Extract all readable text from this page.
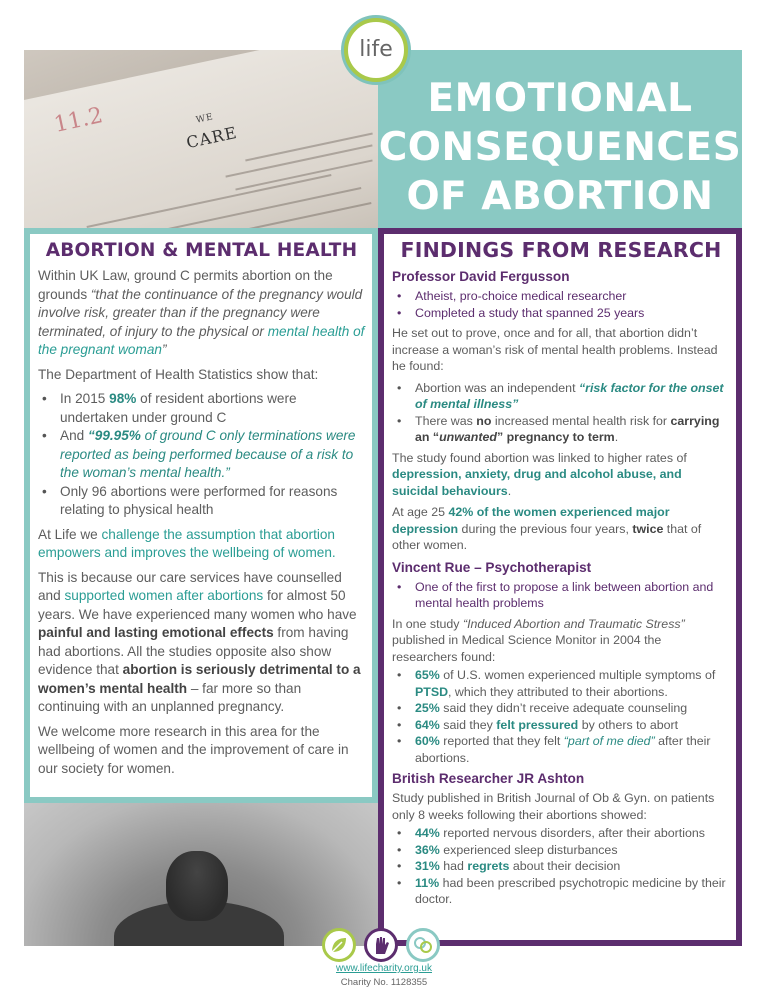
11.2	WE
CARE
EMOTIONAL
CONSEQUENCES
OF ABORTION
life
ABORTION & MENTAL HEALTH

Within UK Law, ground C permits abortion on the grounds “that the continuance of the pregnancy would involve risk, greater than if the pregnancy were terminated, of injury to the physical or mental health of the pregnant woman”

The Department of Health Statistics show that:

• In 2015 98% of resident abortions were undertaken under ground C
• And “99.95% of ground C only terminations were reported as being performed because of a risk to the woman’s mental health.”
• Only 96 abortions were performed for reasons relating to physical health

At Life we challenge the assumption that abortion empowers and improves the wellbeing of women.

This is because our care services have counselled and supported women after abortions for almost 50 years. We have experienced many women who have painful and lasting emotional effects from having had abortions. All the studies opposite also show evidence that abortion is seriously detrimental to a women’s mental health – far more so than continuing with an unplanned pregnancy.

We welcome more research in this area for the wellbeing of women and the improvement of care in our society for women.

FINDINGS FROM RESEARCH
Professor David Fergusson
• Atheist, pro-choice medical researcher
• Completed a study that spanned 25 years

He set out to prove, once and for all, that abortion didn’t increase a woman’s risk of mental health problems. Instead he found:

• Abortion was an independent “risk factor for the onset of mental illness”
• There was no increased mental health risk for carrying an “unwanted” pregnancy to term.

The study found abortion was linked to higher rates of depression, anxiety, drug and alcohol abuse, and suicidal behaviours.

At age 25 42% of the women experienced major depression during the previous four years, twice that of other women.

Vincent Rue – Psychotherapist
• One of the first to propose a link between abortion and mental health problems

In one study “Induced Abortion and Traumatic Stress” published in Medical Science Monitor in 2004 the researchers found:

• 65% of U.S. women experienced multiple symptoms of PTSD, which they attributed to their abortions.
• 25% said they didn’t receive adequate counseling
• 64% said they felt pressured by others to abort
• 60% reported that they felt “part of me died” after their abortions.
British Researcher JR Ashton

Study published in British Journal of Ob & Gyn. on patients only 8 weeks following their abortions showed:

• 44% reported nervous disorders, after their abortions
• 36% experienced sleep disturbances
• 31% had regrets about their decision
• 11% had been prescribed psychotropic medicine by their doctor.
www.lifecharity.org.uk
Charity No. 1128355
